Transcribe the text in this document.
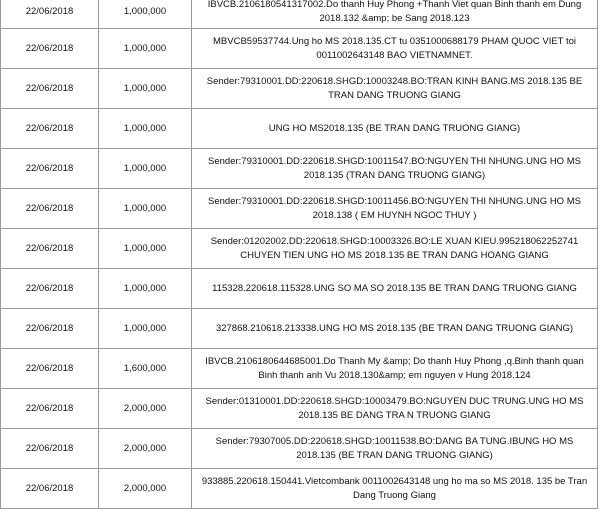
22/06/2018	1,000,000	IBVCB.2106180541317002.Do thanh Huy Phong +Thanh Viet quan Binh thanh em Dung 2018.132 &amp; be Sang 2018.123
22/06/2018	1,000,000	MBVCB59537744.Ung ho MS 2018.135.CT tu 0351000688179 PHAM QUOC VIET toi 0011002643148 BAO VIETNAMNET.
22/06/2018	1,000,000	Sender:79310001.DD:220618.SHGD:10003248.BO:TRAN KINH BANG.MS 2018.135 BE TRAN DANG TRUONG GIANG
22/06/2018	1,000,000	UNG HO MS2018.135 (BE TRAN DANG TRUONG GIANG)
22/06/2018	1,000,000	Sender:79310001.DD:220618.SHGD:10011547.BO:NGUYEN THI NHUNG.UNG HO MS 2018.135 (TRAN DANG TRUONG GIANG)
22/06/2018	1,000,000	Sender:79310001.DD:220618.SHGD:10011456.BO:NGUYEN THI NHUNG.UNG HO MS 2018.138 ( EM HUYNH NGOC THUY )
22/06/2018	1,000,000	Sender:01202002.DD:220618.SHGD:10003326.BO:LE XUAN KIEU.995218062252741 CHUYEN TIEN UNG HO MS 2018.135 BE TRAN DANG HOANG GIANG
22/06/2018	1,000,000	115328.220618.115328.UNG SO MA SO 2018.135 BE TRAN DANG TRUONG GIANG
22/06/2018	1,000,000	327868.210618.213338.UNG HO MS 2018.135 (BE TRAN DANG TRUONG GIANG)
22/06/2018	1,600,000	IBVCB.2106180644685001.Do Thanh My &amp; Do thanh Huy Phong ,q.Binh thanh quan Binh thanh anh Vu 2018.130&amp; em nguyen v Hung 2018.124
22/06/2018	2,000,000	Sender:01310001.DD:220618.SHGD:10003479.BO:NGUYEN DUC TRUNG.UNG HO MS 2018.135 BE DANG TRA N TRUONG GIANG
22/06/2018	2,000,000	Sender:79307005.DD:220618.SHGD:10011538.BO:DANG BA TUNG.IBUNG HO MS 2018.135 (BE TRAN DANG TRUONG GIANG)
22/06/2018	2,000,000	933885.220618.150441.Vietcombank 0011002643148 ung ho ma so MS 2018. 135 be Tran Dang Truong Giang
